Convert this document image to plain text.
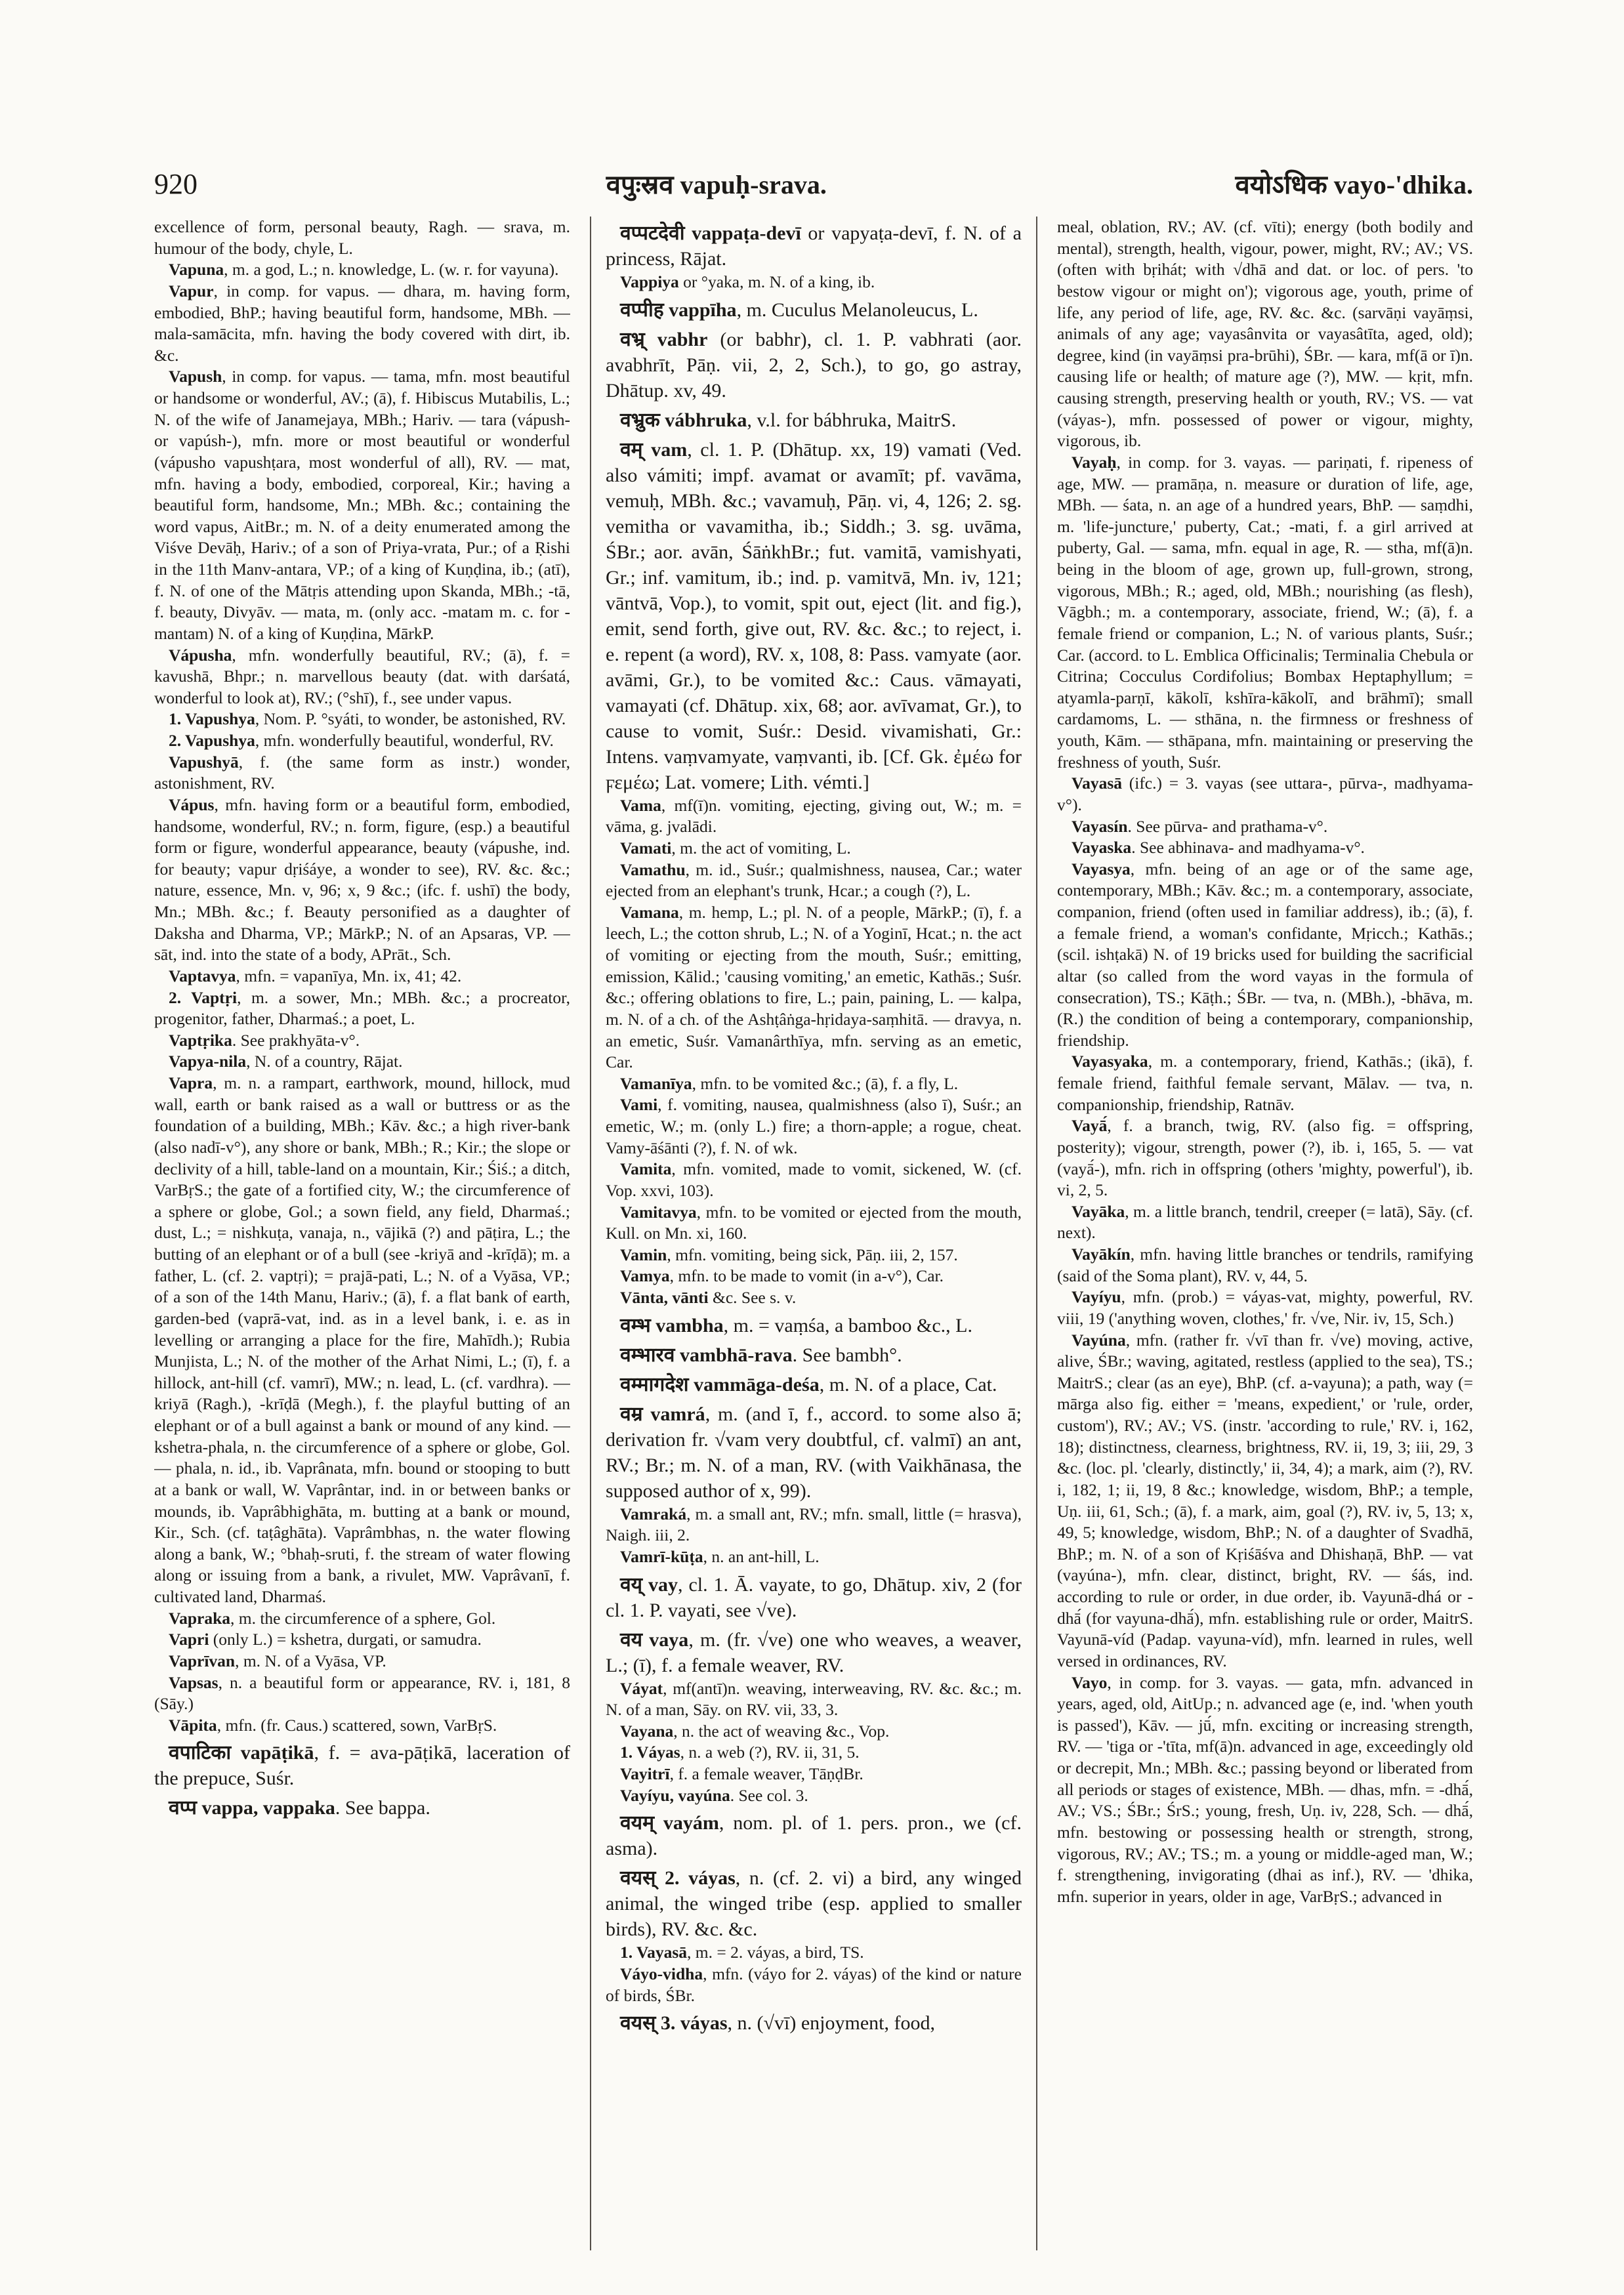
920	वपुःस्रव vapuḥ-srava.	वयोऽधिक vayo-'dhika.

excellence of form, personal beauty, Ragh. — srava, m. humour of the body, chyle, L.

Vapuna, m. a god, L.; n. knowledge, L. (w. r. for vayuna).

Vapur, in comp. for vapus. — dhara, m. having form, embodied, BhP.; having beautiful form, handsome, MBh. — mala-samācita, mfn. having the body covered with dirt, ib. &c.

Vapush, in comp. for vapus. — tama, mfn. most beautiful or handsome or wonderful, AV.; (ā), f. Hibiscus Mutabilis, L.; N. of the wife of Janamejaya, MBh.; Hariv. — tara (vápush- or vapúsh-), mfn. more or most beautiful or wonderful (vápusho vapushṭara, most wonderful of all), RV. — mat, mfn. having a body, embodied, corporeal, Kir.; having a beautiful form, handsome, Mn.; MBh. &c.; containing the word vapus, AitBr.; m. N. of a deity enumerated among the Viśve Devāḥ, Hariv.; of a son of Priya-vrata, Pur.; of a Ṛishi in the 11th Manv-antara, VP.; of a king of Kuṇḍina, ib.; (atī), f. N. of one of the Mātṛis attending upon Skanda, MBh.; -tā, f. beauty, Divyāv. — mata, m. (only acc. -matam m. c. for -mantam) N. of a king of Kuṇḍina, MārkP.

Vápusha, mfn. wonderfully beautiful, RV.; (ā), f. = kavushā, Bhpr.; n. marvellous beauty (dat. with darśatá, wonderful to look at), RV.; (°shī), f., see under vapus.

1. Vapushya, Nom. P. °syáti, to wonder, be astonished, RV.

2. Vapushya, mfn. wonderfully beautiful, wonderful, RV.

Vapushyā, f. (the same form as instr.) wonder, astonishment, RV.

Vápus, mfn. having form or a beautiful form, embodied, handsome, wonderful, RV.; n. form, figure, (esp.) a beautiful form or figure, wonderful appearance, beauty (vápushe, ind. for beauty; vapur dṛiśáye, a wonder to see), RV. &c. &c.; nature, essence, Mn. v, 96; x, 9 &c.; (ifc. f. ushī) the body, Mn.; MBh. &c.; f. Beauty personified as a daughter of Daksha and Dharma, VP.; MārkP.; N. of an Apsaras, VP. — sāt, ind. into the state of a body, APrāt., Sch.

Vaptavya, mfn. = vapanīya, Mn. ix, 41; 42.

2. Vaptṛi, m. a sower, Mn.; MBh. &c.; a procreator, progenitor, father, Dharmaś.; a poet, L.

Vaptṛika. See prakhyāta-v°.

Vapya-nila, N. of a country, Rājat.

Vapra, m. n. a rampart, earthwork, mound, hillock, mud wall, earth or bank raised as a wall or buttress or as the foundation of a building, MBh.; Kāv. &c.; a high river-bank (also nadī-v°), any shore or bank, MBh.; R.; Kir.; the slope or declivity of a hill, table-land on a mountain, Kir.; Śiś.; a ditch, VarBṛS.; the gate of a fortified city, W.; the circumference of a sphere or globe, Gol.; a sown field, any field, Dharmaś.; dust, L.; = nishkuṭa, vanaja, n., vājikā (?) and pāṭira, L.; the butting of an elephant or of a bull (see -kriyā and -krīḍā); m. a father, L. (cf. 2. vaptṛi); = prajā-pati, L.; N. of a Vyāsa, VP.; of a son of the 14th Manu, Hariv.; (ā), f. a flat bank of earth, garden-bed (vaprā-vat, ind. as in a level bank, i. e. as in levelling or arranging a place for the fire, Mahīdh.); Rubia Munjista, L.; N. of the mother of the Arhat Nimi, L.; (ī), f. a hillock, ant-hill (cf. vamrī), MW.; n. lead, L. (cf. vardhra). — kriyā (Ragh.), -krīḍā (Megh.), f. the playful butting of an elephant or of a bull against a bank or mound of any kind. — kshetra-phala, n. the circumference of a sphere or globe, Gol. — phala, n. id., ib. Vaprânata, mfn. bound or stooping to butt at a bank or wall, W. Vaprântar, ind. in or between banks or mounds, ib. Vaprâbhighāta, m. butting at a bank or mound, Kir., Sch. (cf. taṭâghāta). Vaprâmbhas, n. the water flowing along a bank, W.; °bhaḥ-sruti, f. the stream of water flowing along or issuing from a bank, a rivulet, MW. Vaprâvanī, f. cultivated land, Dharmaś.

Vapraka, m. the circumference of a sphere, Gol.

Vapri (only L.) = kshetra, durgati, or samudra.

Vaprīvan, m. N. of a Vyāsa, VP.

Vapsas, n. a beautiful form or appearance, RV. i, 181, 8 (Sāy.)

Vāpita, mfn. (fr. Caus.) scattered, sown, VarBṛS.

वपाटिका vapāṭikā, f. = ava-pāṭikā, laceration of the prepuce, Suśr.

वप्प vappa, vappaka. See bappa.

वप्पटदेवी vappaṭa-devī or vapyaṭa-devī, f. N. of a princess, Rājat.

Vappiya or °yaka, m. N. of a king, ib.

वप्पीह vappīha, m. Cuculus Melanoleucus, L.

वभ्र् vabhr (or babhr), cl. 1. P. vabhrati (aor. avabhrīt, Pāṇ. vii, 2, 2, Sch.), to go, go astray, Dhātup. xv, 49.

वभ्रुक vábhruka, v.l. for bábhruka, MaitrS.

वम् vam, cl. 1. P. (Dhātup. xx, 19) vamati (Ved. also vámiti; impf. avamat or avamīt; pf. vavāma, vemuḥ, MBh. &c.; vavamuḥ, Pāṇ. vi, 4, 126; 2. sg. vemitha or vavamitha, ib.; Siddh.; 3. sg. uvāma, ŚBr.; aor. avān, ŚāṅkhBr.; fut. vamitā, vamishyati, Gr.; inf. vamitum, ib.; ind. p. vamitvā, Mn. iv, 121; vāntvā, Vop.), to vomit, spit out, eject (lit. and fig.), emit, send forth, give out, RV. &c. &c.; to reject, i. e. repent (a word), RV. x, 108, 8: Pass. vamyate (aor. avāmi, Gr.), to be vomited &c.: Caus. vāmayati, vamayati (cf. Dhātup. xix, 68; aor. avīvamat, Gr.), to cause to vomit, Suśr.: Desid. vivamishati, Gr.: Intens. vaṃvamyate, vaṃvanti, ib. [Cf. Gk. ἐμέω for ϝεμέω; Lat. vomere; Lith. vémti.]

Vama, mf(ī)n. vomiting, ejecting, giving out, W.; m. = vāma, g. jvalādi.

Vamati, m. the act of vomiting, L.

Vamathu, m. id., Suśr.; qualmishness, nausea, Car.; water ejected from an elephant's trunk, Hcar.; a cough (?), L.

Vamana, m. hemp, L.; pl. N. of a people, MārkP.; (ī), f. a leech, L.; the cotton shrub, L.; N. of a Yoginī, Hcat.; n. the act of vomiting or ejecting from the mouth, Suśr.; emitting, emission, Kālid.; 'causing vomiting,' an emetic, Kathās.; Suśr. &c.; offering oblations to fire, L.; pain, paining, L. — kalpa, m. N. of a ch. of the Ashṭâṅga-hṛidaya-saṃhitā. — dravya, n. an emetic, Suśr. Vamanârthīya, mfn. serving as an emetic, Car.

Vamanīya, mfn. to be vomited &c.; (ā), f. a fly, L.

Vami, f. vomiting, nausea, qualmishness (also ī), Suśr.; an emetic, W.; m. (only L.) fire; a thorn-apple; a rogue, cheat. Vamy-āśānti (?), f. N. of wk.

Vamita, mfn. vomited, made to vomit, sickened, W. (cf. Vop. xxvi, 103).

Vamitavya, mfn. to be vomited or ejected from the mouth, Kull. on Mn. xi, 160.

Vamin, mfn. vomiting, being sick, Pāṇ. iii, 2, 157.

Vamya, mfn. to be made to vomit (in a-v°), Car.

Vānta, vānti &c. See s. v.

वम्भ vambha, m. = vaṃśa, a bamboo &c., L.

वम्भारव vambhā-rava. See bambh°.

वम्मागदेश vammāga-deśa, m. N. of a place, Cat.

वम्र vamrá, m. (and ī, f., accord. to some also ā; derivation fr. √vam very doubtful, cf. valmī) an ant, RV.; Br.; m. N. of a man, RV. (with Vaikhānasa, the supposed author of x, 99).

Vamraká, m. a small ant, RV.; mfn. small, little (= hrasva), Naigh. iii, 2.

Vamrī-kūṭa, n. an ant-hill, L.

वय् vay, cl. 1. Ā. vayate, to go, Dhātup. xiv, 2 (for cl. 1. P. vayati, see √ve).

वय vaya, m. (fr. √ve) one who weaves, a weaver, L.; (ī), f. a female weaver, RV.

Váyat, mf(antī)n. weaving, interweaving, RV. &c. &c.; m. N. of a man, Sāy. on RV. vii, 33, 3.

Vayana, n. the act of weaving &c., Vop.

1. Váyas, n. a web (?), RV. ii, 31, 5.

Vayitrī, f. a female weaver, TāṇḍBr.

Vayíyu, vayúna. See col. 3.

वयम् vayám, nom. pl. of 1. pers. pron., we (cf. asma).

वयस् 2. váyas, n. (cf. 2. vi) a bird, any winged animal, the winged tribe (esp. applied to smaller birds), RV. &c. &c.

1. Vayasā, m. = 2. váyas, a bird, TS.

Váyo-vidha, mfn. (váyo for 2. váyas) of the kind or nature of birds, ŚBr.

वयस् 3. váyas, n. (√vī) enjoyment, food,

meal, oblation, RV.; AV. (cf. vīti); energy (both bodily and mental), strength, health, vigour, power, might, RV.; AV.; VS. (often with bṛihát; with √dhā and dat. or loc. of pers. 'to bestow vigour or might on'); vigorous age, youth, prime of life, any period of life, age, RV. &c. &c. (sarvāṇi vayāṃsi, animals of any age; vayasânvita or vayasâtīta, aged, old); degree, kind (in vayāṃsi pra-brūhi), ŚBr. — kara, mf(ā or ī)n. causing life or health; of mature age (?), MW. — kṛit, mfn. causing strength, preserving health or youth, RV.; VS. — vat (váyas-), mfn. possessed of power or vigour, mighty, vigorous, ib.

Vayaḥ, in comp. for 3. vayas. — pariṇati, f. ripeness of age, MW. — pramāṇa, n. measure or duration of life, age, MBh. — śata, n. an age of a hundred years, BhP. — saṃdhi, m. 'life-juncture,' puberty, Cat.; -mati, f. a girl arrived at puberty, Gal. — sama, mfn. equal in age, R. — stha, mf(ā)n. being in the bloom of age, grown up, full-grown, strong, vigorous, MBh.; R.; aged, old, MBh.; nourishing (as flesh), Vāgbh.; m. a contemporary, associate, friend, W.; (ā), f. a female friend or companion, L.; N. of various plants, Suśr.; Car. (accord. to L. Emblica Officinalis; Terminalia Chebula or Citrina; Cocculus Cordifolius; Bombax Heptaphyllum; = atyamla-parṇī, kākolī, kshīra-kākolī, and brāhmī); small cardamoms, L. — sthāna, n. the firmness or freshness of youth, Kām. — sthāpana, mfn. maintaining or preserving the freshness of youth, Suśr.

Vayasā (ifc.) = 3. vayas (see uttara-, pūrva-, madhyama-v°).

Vayasín. See pūrva- and prathama-v°.

Vayaska. See abhinava- and madhyama-v°.

Vayasya, mfn. being of an age or of the same age, contemporary, MBh.; Kāv. &c.; m. a contemporary, associate, companion, friend (often used in familiar address), ib.; (ā), f. a female friend, a woman's confidante, Mṛicch.; Kathās.; (scil. ishṭakā) N. of 19 bricks used for building the sacrificial altar (so called from the word vayas in the formula of consecration), TS.; Kāṭh.; ŚBr. — tva, n. (MBh.), -bhāva, m. (R.) the condition of being a contemporary, companionship, friendship.

Vayasyaka, m. a contemporary, friend, Kathās.; (ikā), f. female friend, faithful female servant, Mālav. — tva, n. companionship, friendship, Ratnāv.

Vayā́, f. a branch, twig, RV. (also fig. = offspring, posterity); vigour, strength, power (?), ib. i, 165, 5. — vat (vayā́-), mfn. rich in offspring (others 'mighty, powerful'), ib. vi, 2, 5.

Vayāka, m. a little branch, tendril, creeper (= latā), Sāy. (cf. next).

Vayākín, mfn. having little branches or tendrils, ramifying (said of the Soma plant), RV. v, 44, 5.

Vayíyu, mfn. (prob.) = váyas-vat, mighty, powerful, RV. viii, 19 ('anything woven, clothes,' fr. √ve, Nir. iv, 15, Sch.)

Vayúna, mfn. (rather fr. √vī than fr. √ve) moving, active, alive, ŚBr.; waving, agitated, restless (applied to the sea), TS.; MaitrS.; clear (as an eye), BhP. (cf. a-vayuna); a path, way (= mārga also fig. either = 'means, expedient,' or 'rule, order, custom'), RV.; AV.; VS. (instr. 'according to rule,' RV. i, 162, 18); distinctness, clearness, brightness, RV. ii, 19, 3; iii, 29, 3 &c. (loc. pl. 'clearly, distinctly,' ii, 34, 4); a mark, aim (?), RV. i, 182, 1; ii, 19, 8 &c.; knowledge, wisdom, BhP.; a temple, Uṇ. iii, 61, Sch.; (ā), f. a mark, aim, goal (?), RV. iv, 5, 13; x, 49, 5; knowledge, wisdom, BhP.; N. of a daughter of Svadhā, BhP.; m. N. of a son of Kṛiśāśva and Dhishaṇā, BhP. — vat (vayúna-), mfn. clear, distinct, bright, RV. — śás, ind. according to rule or order, in due order, ib. Vayunā-dhá or -dhā́ (for vayuna-dhā́), mfn. establishing rule or order, MaitrS. Vayunā-víd (Padap. vayuna-víd), mfn. learned in rules, well versed in ordinances, RV.

Vayo, in comp. for 3. vayas. — gata, mfn. advanced in years, aged, old, AitUp.; n. advanced age (e, ind. 'when youth is passed'), Kāv. — jū́, mfn. exciting or increasing strength, RV. — 'tiga or -'tīta, mf(ā)n. advanced in age, exceedingly old or decrepit, Mn.; MBh. &c.; passing beyond or liberated from all periods or stages of existence, MBh. — dhas, mfn. = -dhā́, AV.; VS.; ŚBr.; ŚrS.; young, fresh, Uṇ. iv, 228, Sch. — dhā́, mfn. bestowing or possessing health or strength, strong, vigorous, RV.; AV.; TS.; m. a young or middle-aged man, W.; f. strengthening, invigorating (dhai as inf.), RV. — 'dhika, mfn. superior in years, older in age, VarBṛS.; advanced in
